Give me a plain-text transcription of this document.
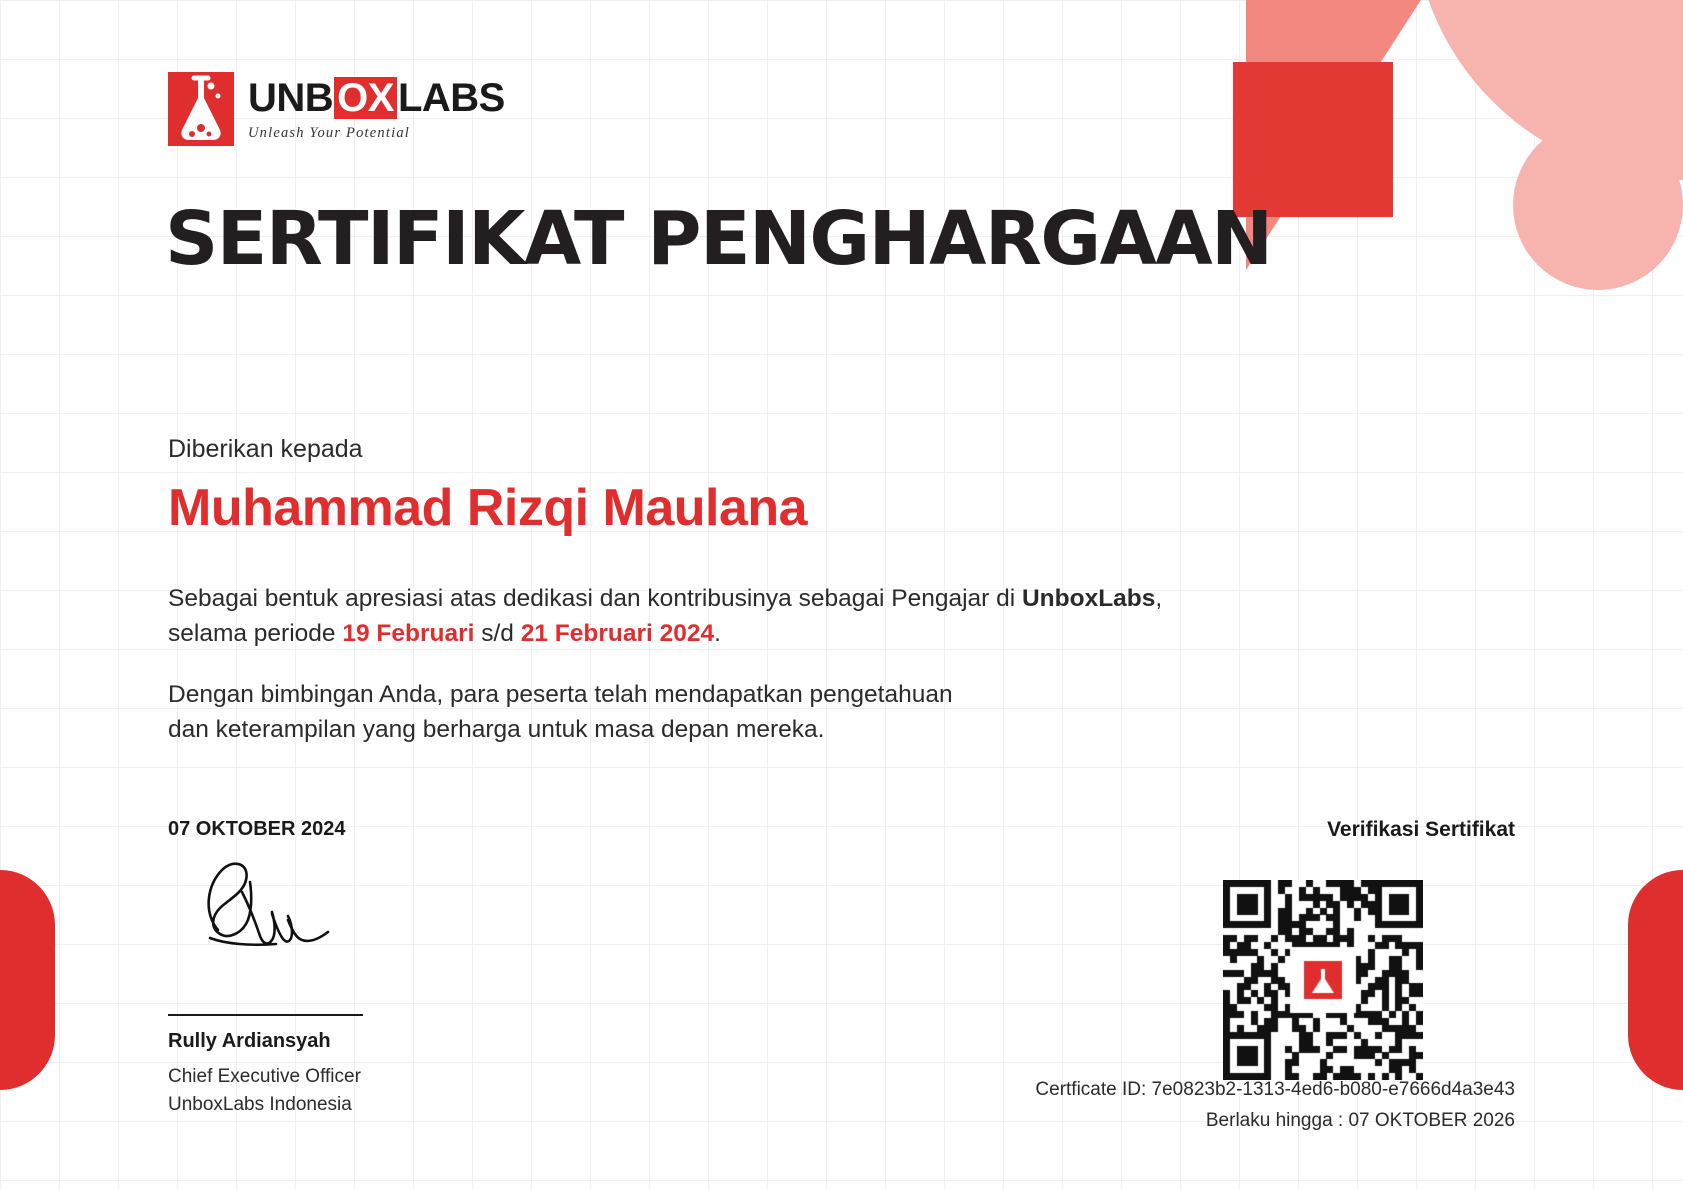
UNB OX LABS
Unleash Your Potential
SERTIFIKAT PENGHARGAAN
Diberikan kepada
Muhammad Rizqi Maulana
Sebagai bentuk apresiasi atas dedikasi dan kontribusinya sebagai Pengajar di UnboxLabs,
selama periode 19 Februari s/d 21 Februari 2024.
Dengan bimbingan Anda, para peserta telah mendapatkan pengetahuan
dan keterampilan yang berharga untuk masa depan mereka.
07 OKTOBER 2024
Rully Ardiansyah
Chief Executive Officer
UnboxLabs Indonesia
Verifikasi Sertifikat
Certficate ID: 7e0823b2-1313-4ed6-b080-e7666d4a3e43
Berlaku hingga : 07 OKTOBER 2026
